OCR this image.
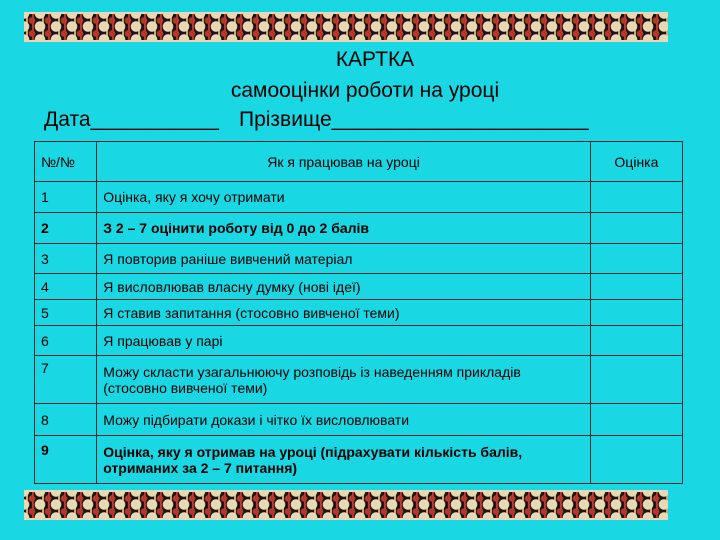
КАРТКА
самооцінки роботи на уроці
Дата___________ Прізвище______________________
№/№	Як я працював на уроці	Оцінка
1	Оцінка, яку я хочу отримати	
2	З 2 – 7 оцінити роботу від 0 до 2 балів	
3	Я повторив раніше вивчений матеріал	
4	Я висловлював власну думку (нові ідеї)	
5	Я ставив запитання (стосовно вивченої теми)	
6	Я працював у парі	
7	Можу скласти узагальнюючу розповідь із наведенням прикладів (стосовно вивченої теми)	
8	Можу підбирати докази і чітко їх висловлювати	
9	Оцінка, яку я отримав на уроці (підрахувати кількість балів, отриманих за 2 – 7 питання)	
